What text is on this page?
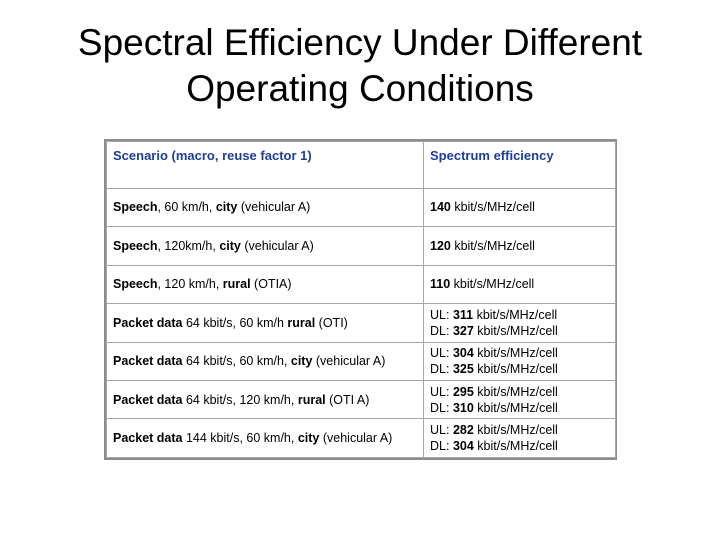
Spectral Efficiency Under Different
Operating Conditions
Scenario (macro, reuse factor 1)	Spectrum efficiency
Speech, 60 km/h, city (vehicular A)	140 kbit/s/MHz/cell

Speech, 120km/h, city (vehicular A)	120 kbit/s/MHz/cell

Speech, 120 km/h, rural (OTIA)	110 kbit/s/MHz/cell

Packet data 64 kbit/s, 60 km/h rural (OTI)	UL: 311 kbit/s/MHz/cell
DL: 327 kbit/s/MHz/cell

Packet data 64 kbit/s, 60 km/h, city (vehicular A)	UL: 304 kbit/s/MHz/cell
DL: 325 kbit/s/MHz/cell

Packet data 64 kbit/s, 120 km/h, rural (OTI A)	UL: 295 kbit/s/MHz/cell
DL: 310 kbit/s/MHz/cell

Packet data 144 kbit/s, 60 km/h, city (vehicular A)	UL: 282 kbit/s/MHz/cell
DL: 304 kbit/s/MHz/cell
